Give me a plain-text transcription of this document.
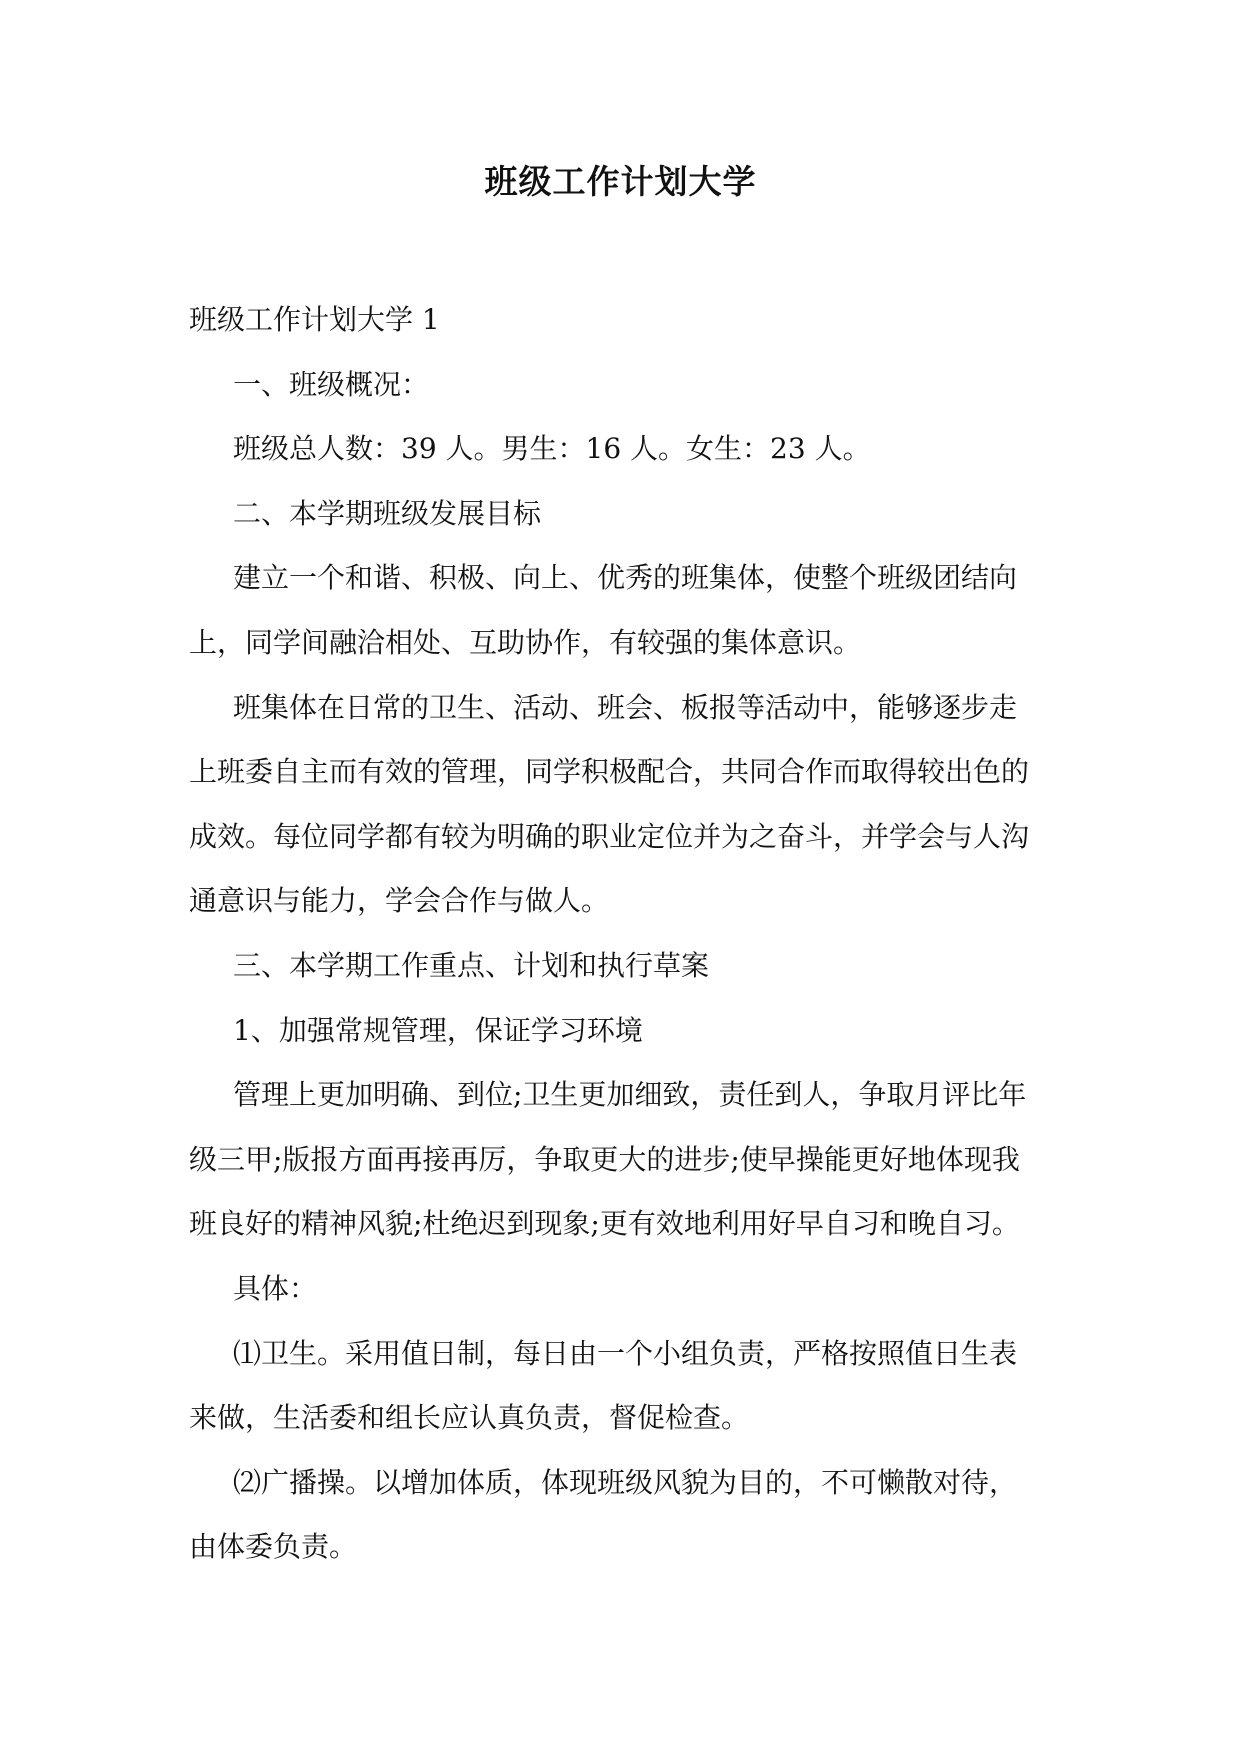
班级工作计划大学

班级工作计划大学 1

一、班级概况：

班级总人数：39 人。男生：16 人。女生：23 人。

二、本学期班级发展目标

建立一个和谐、积极、向上、优秀的班集体，使整个班级团结向

上，同学间融洽相处、互助协作，有较强的集体意识。

班集体在日常的卫生、活动、班会、板报等活动中，能够逐步走

上班委自主而有效的管理，同学积极配合，共同合作而取得较出色的

成效。每位同学都有较为明确的职业定位并为之奋斗，并学会与人沟

通意识与能力，学会合作与做人。

三、本学期工作重点、计划和执行草案

1、加强常规管理，保证学习环境

管理上更加明确、到位;卫生更加细致，责任到人，争取月评比年

级三甲;版报方面再接再厉，争取更大的进步;使早操能更好地体现我

班良好的精神风貌;杜绝迟到现象;更有效地利用好早自习和晚自习。

具体：

⑴卫生。采用值日制，每日由一个小组负责，严格按照值日生表

来做，生活委和组长应认真负责，督促检查。

⑵广播操。以增加体质，体现班级风貌为目的，不可懒散对待，

由体委负责。
